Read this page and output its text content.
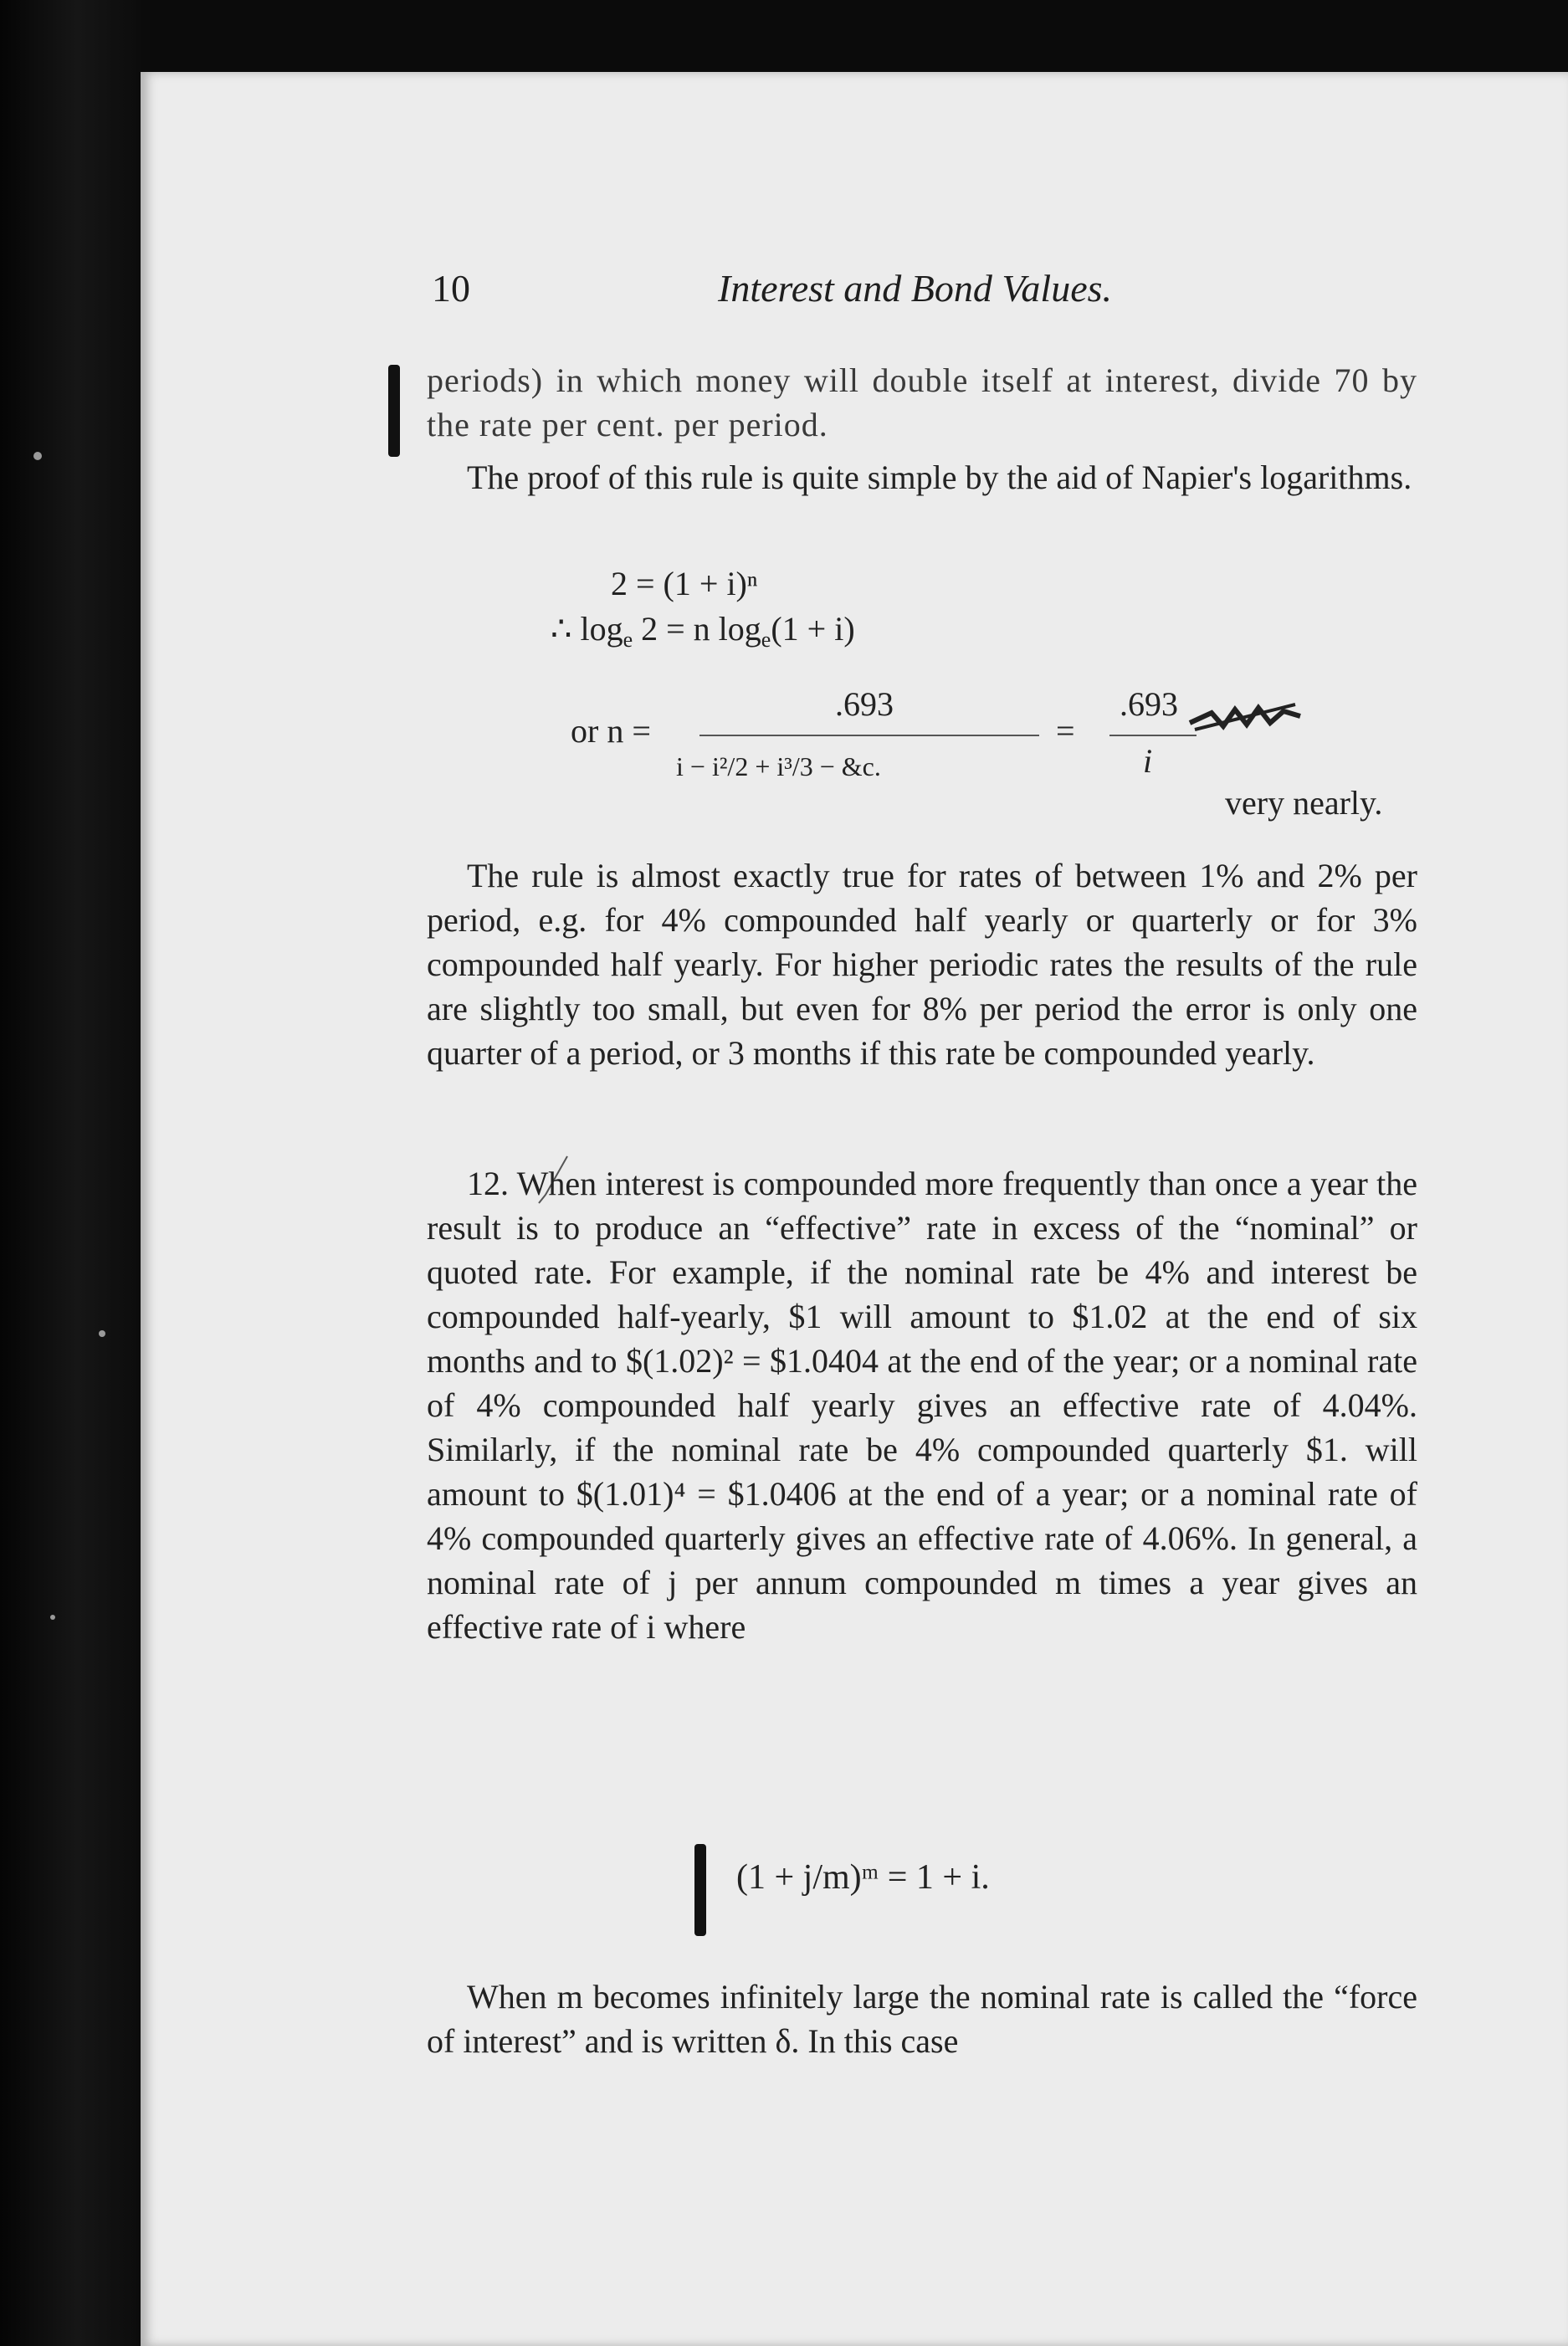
10	Interest and Bond Values.

periods) in which money will double itself at interest, divide 70 by the rate per cent. per period.

The proof of this rule is quite simple by the aid of Napier's logarithms.

2 = (1 + i)ⁿ
∴ $\log_e 2 = n$ $\log_e(1 + i)$
or n =
.693
i − i²/2 + i³/3 − &c.
=
.693
i
very nearly.

The rule is almost exactly true for rates of between 1% and 2% per period, e.g. for 4% compounded half yearly or quarterly or for 3% compounded half yearly. For higher periodic rates the results of the rule are slightly too small, but even for 8% per period the error is only one quarter of a period, or 3 months if this rate be compounded yearly.

12. When interest is compounded more frequently than once a year the result is to produce an “effective” rate in excess of the “nominal” or quoted rate. For example, if the nominal rate be 4% and interest be compounded half-yearly, $1 will amount to $1.02 at the end of six months and to $(1.02)² = $1.0404 at the end of the year; or a nominal rate of 4% compounded half yearly gives an effective rate of 4.04%. Similarly, if the nominal rate be 4% compounded quarterly $1. will amount to $(1.01)⁴ = $1.0406 at the end of a year; or a nominal rate of 4% compounded quarterly gives an effective rate of 4.06%. In general, a nominal rate of j per annum compounded m times a year gives an effective rate of i where

(1 + j/m)ᵐ = 1 + i.

When m becomes infinitely large the nominal rate is called the “force of interest” and is written δ. In this case
